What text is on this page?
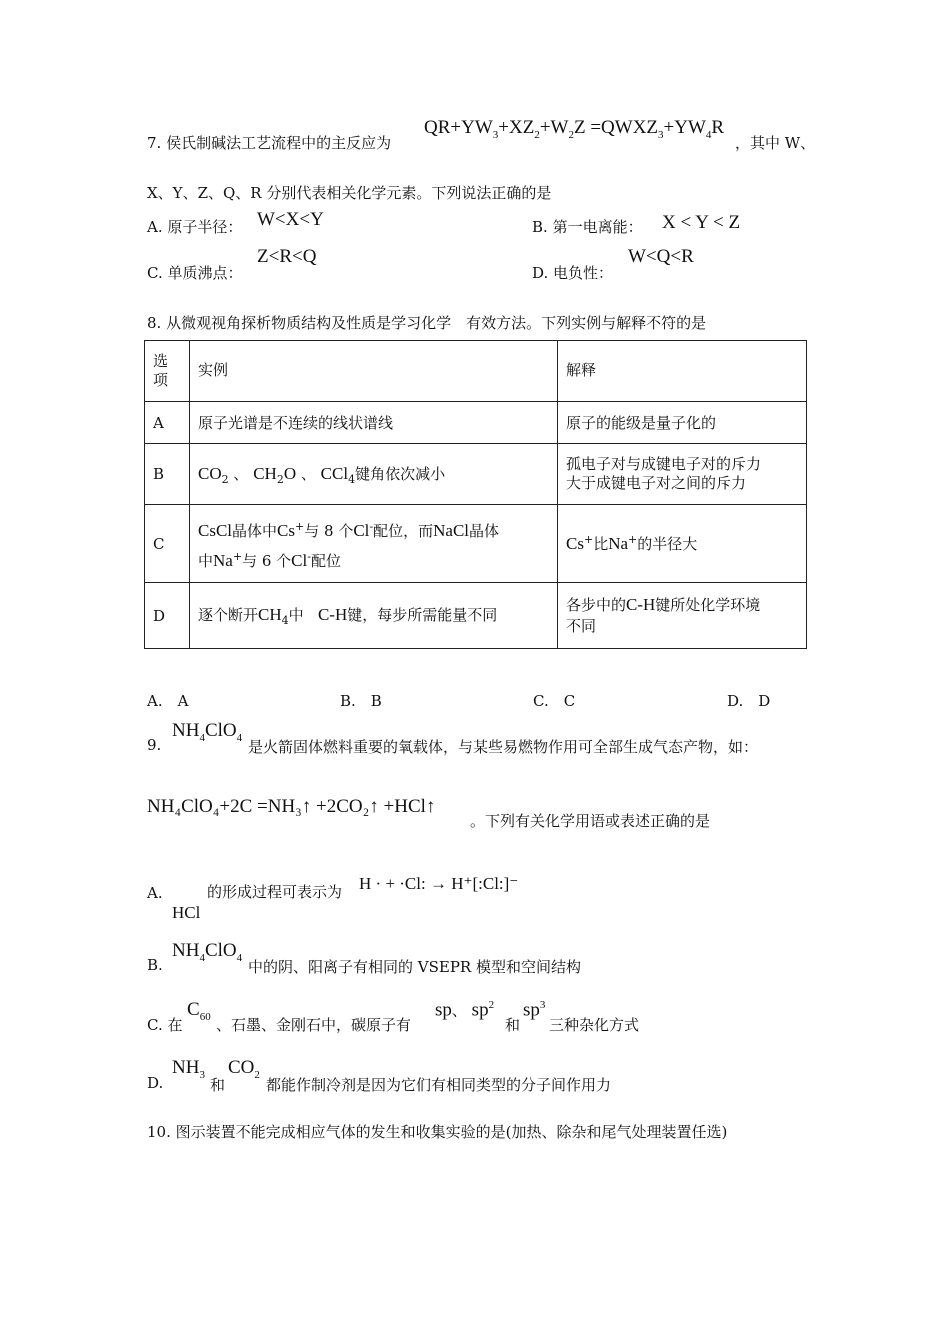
7. 侯氏制碱法工艺流程中的主反应为
$QR+YW_3+XZ_2+W_2Z$ $=QWXZ_3+YW_4R$
，其中 W、
X、Y、Z、Q、R 分别代表相关化学元素。下列说法正确的是
A. 原子半径： W<X<Y	B. 第一电离能： X < Y < Z
C. 单质沸点：
Z<R<Q
D. 电负性：
W<Q<R
8. 从微观视角探析物质结构及性质是学习化学　有效方法。下列实例与解释不符的是
选项	实例	解释
A	原子光谱是不连续的线状谱线	原子的能级是量子化的
B	$CO_2$ 、 $CH_2O$ 、 CCl$_4$键角依次减小	孤电子对与成键电子对的斥力
大于成键电子对之间的斥力

C	CsCl晶体中Cs+与 8 个Cl-配位，而NaCl晶体
中Na+与 6 个Cl-配位	Cs+比Na+的半径大
D	逐个断开$CH_4$中 C-H键，每步所需能量不同	各步中的C-H键所处化学环境
不同
A.　A	B.　B	C.　C	D.　D
9.
$NH_4ClO_4$
是火箭固体燃料重要的氧载体，与某些易燃物作用可全部生成气态产物，如：
NH₄ClO₄+2C =NH₃↑ +2CO₂↑ +HCl↑
。下列有关化学用语或表述正确的是
A.	的形成过程可表示为 H · + ·Cl: → H⁺[:Cl:]⁻
HCl
B.
$NH_4ClO_4$
中的阴、阳离子有相同的 VSEPR 模型和空间结构
C. 在
$C_{60}$ 、石墨、金刚石中，碳原子有
sp、 $sp^2$
和
$sp^3$
三种杂化方式
D.
$NH_3$
和
$CO_2$
都能作制冷剂是因为它们有相同类型的分子间作用力
10. 图示装置不能完成相应气体的发生和收集实验的是(加热、除杂和尾气处理装置任选)
